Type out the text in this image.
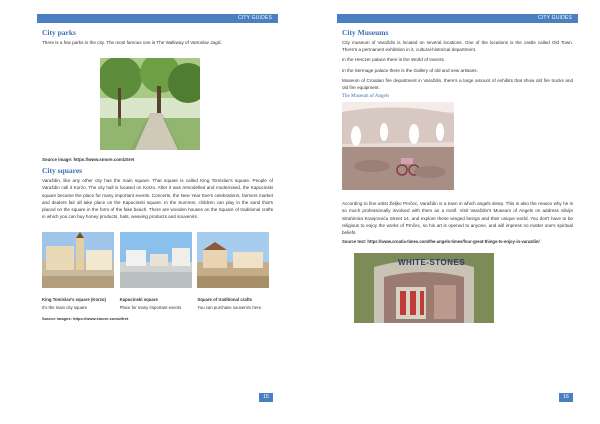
CITY GUIDES
City parks

There is a few parks in the city. The most famous one is The Walkway of Vatroslav Jagić.

Source image: https://www.smore.com/z5ret
City squares

Varaždin, like any other city has the main square. That square is called King Tomislav's square. People of Varaždin call it Korzo. The city hall is located on Korzo. After it was remodelled and modernised, the Kapucinski square became the place for many important events. Concerts, the New Year Eve's celebrations, farmers market and dealers fair all take place on the Kapucinski square. In the Summer, children can play in the sand that's placed on the square in the form of the fake beach. There are wooden houses on the Square of traditional crafts in which you can buy honey products, hats, weaving products and souvenirs.

King Tomislav's square (Korzo)
It's the main city square
Kapucinski square
Place for many important events
Square of traditional crafts
You can purchase souvenirs here.
Source images: https://www.smore.com/z5ret
15
CITY GUIDES
City Museums

City museum of Varaždin is located on several locations. One of the locations is the castle called Old Town. There's a permanent exhibition in it, cultural-historical department.

In the Herczer palace there is the World of Insects.

In the Sermage palace there is the Gallery of old and new artisans.

Museum of Croatian fire department in Varaždin, there's a large amount of exhibits that show old fire trucks and old fire equipment.

The Museum of Angels

According to fine artist Željko Prnčec, Varaždin is a town in which angels sleep. This is also the reason why he is so much professionally involved with them as a motif. Visit Varaždin's Museum of Angels on address Silvije Strahimira Kranjcevića Street 14, and explore these winged beings and their unique world. You don't have to be religious to enjoy the works of Prnčec, so his art is opened to anyone, and will impress no matter one's spiritual beliefs.

Source text: https://www.croatia-times.com/the-angels-times/four-great-things-to-enjoy-in-varazdin/
WHITE-STONES
16
